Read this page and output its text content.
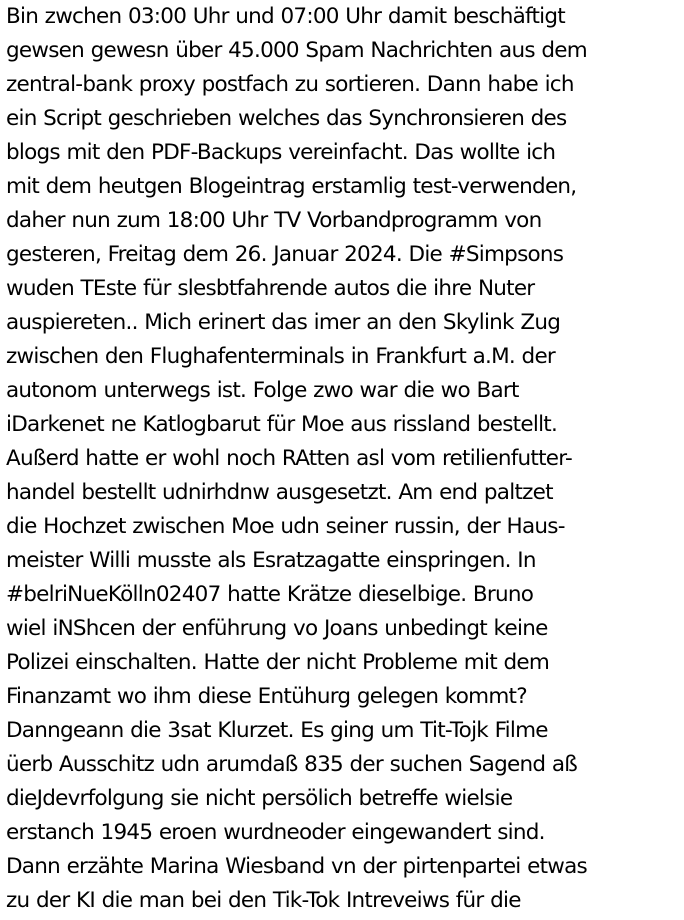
Bin zwchen 03:00 Uhr und 07:00 Uhr damit beschäftigt
gewsen gewesn über 45.000 Spam Nachrichten aus dem
zentral-bank proxy postfach zu sortieren. Dann habe ich
ein Script geschrieben welches das Synchronsieren des
blogs mit den PDF-Backups vereinfacht. Das wollte ich
mit dem heutgen Blogeintrag erstamlig test-verwenden,
daher nun zum 18:00 Uhr TV Vorbandprogramm von
gesteren, Freitag dem 26. Januar 2024. Die #Simpsons
wuden TEste für slesbtfahrende autos die ihre Nuter
auspiereten.. Mich erinert das imer an den Skylink Zug
zwischen den Flughafenterminals in Frankfurt a.M. der
autonom unterwegs ist. Folge zwo war die wo Bart
iDarkenet ne Katlogbarut für Moe aus rissland bestellt.
Außerd hatte er wohl noch RAtten asl vom retilienfutter-
handel bestellt udnirhdnw ausgesetzt. Am end paltzet
die Hochzet zwischen Moe udn seiner russin, der Haus-
meister Willi musste als Esratzagatte einspringen. In
#belriNueKölln02407 hatte Krätze dieselbige. Bruno
wiel iNShcen der enführung vo Joans unbedingt keine
Polizei einschalten. Hatte der nicht Probleme mit dem
Finanzamt wo ihm diese Entühurg gelegen kommt?
Danngeann die 3sat Klurzet. Es ging um Tit-Tojk Filme
üerb Ausschitz udn arumdaß 835 der suchen Sagend aß
dieJdevrfolgung sie nicht persölich betreffe wielsie
erstanch 1945 eroen wurdneoder eingewandert sind.
Dann erzähte Marina Wiesband vn der pirtenpartei etwas
zu der KI die man bei den Tik-Tok Intreveiws für die
